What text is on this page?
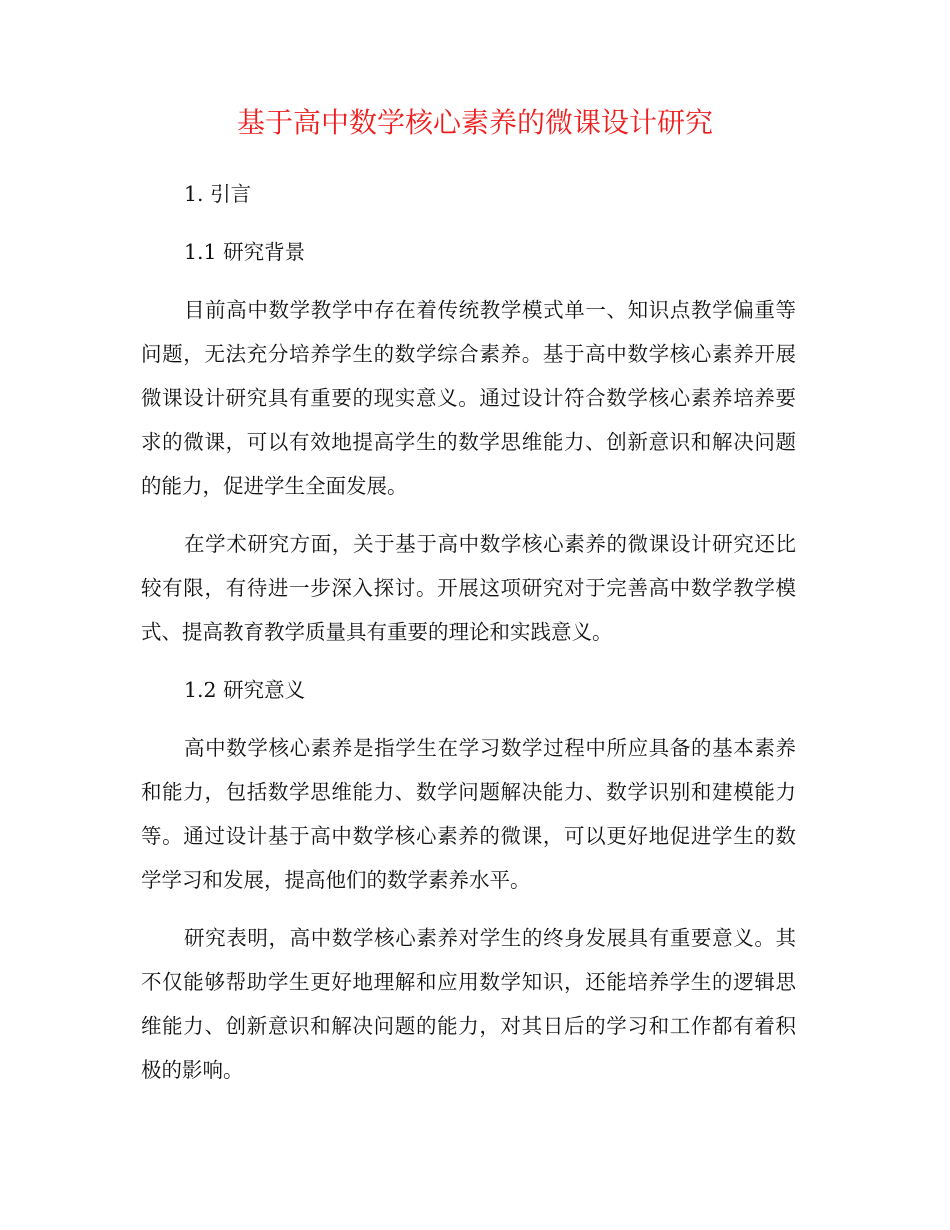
基于高中数学核心素养的微课设计研究
1. 引言
1.1 研究背景

目前高中数学教学中存在着传统教学模式单一、知识点教学偏重等问题，无法充分培养学生的数学综合素养。基于高中数学核心素养开展微课设计研究具有重要的现实意义。通过设计符合数学核心素养培养要求的微课，可以有效地提高学生的数学思维能力、创新意识和解决问题的能力，促进学生全面发展。

在学术研究方面，关于基于高中数学核心素养的微课设计研究还比较有限，有待进一步深入探讨。开展这项研究对于完善高中数学教学模式、提高教育教学质量具有重要的理论和实践意义。

1.2 研究意义

高中数学核心素养是指学生在学习数学过程中所应具备的基本素养和能力，包括数学思维能力、数学问题解决能力、数学识别和建模能力等。通过设计基于高中数学核心素养的微课，可以更好地促进学生的数学学习和发展，提高他们的数学素养水平。

研究表明，高中数学核心素养对学生的终身发展具有重要意义。其不仅能够帮助学生更好地理解和应用数学知识，还能培养学生的逻辑思维能力、创新意识和解决问题的能力，对其日后的学习和工作都有着积极的影响。
